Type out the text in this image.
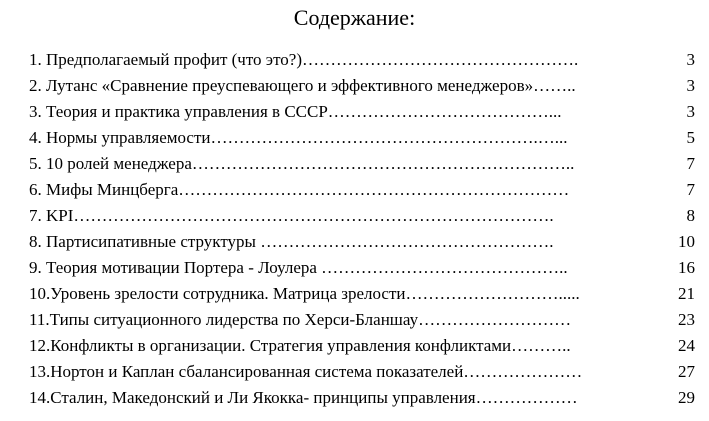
Содержание:
1. Предполагаемый профит (что это?)………………………………………….	3
2. Лутанс «Сравнение преуспевающего и эффективного менеджеров»……..	3
3. Теория и практика управления в СССР…………………………………...	3
4. Нормы управляемости………………………………………………….…...	5
5. 10 ролей менеджера…………………………………………………………..	7
6. Мифы Минцберга……………………………………………………………	7
7. KPI………………………………………………………………………….	8
8. Партисипативные структуры …………………………………………….	10
9. Теория мотивации Портера - Лоулера ……………………………………..	16
10.Уровень зрелости сотрудника. Матрица зрелости……………………….....	21
11.Типы ситуационного лидерства по Херси-Бланшау………………………	23
12.Конфликты в организации. Стратегия управления конфликтами………..	24
13.Нортон и Каплан сбалансированная система показателей…………………	27
14.Сталин, Македонский и Ли Якокка- принципы управления………………	29
